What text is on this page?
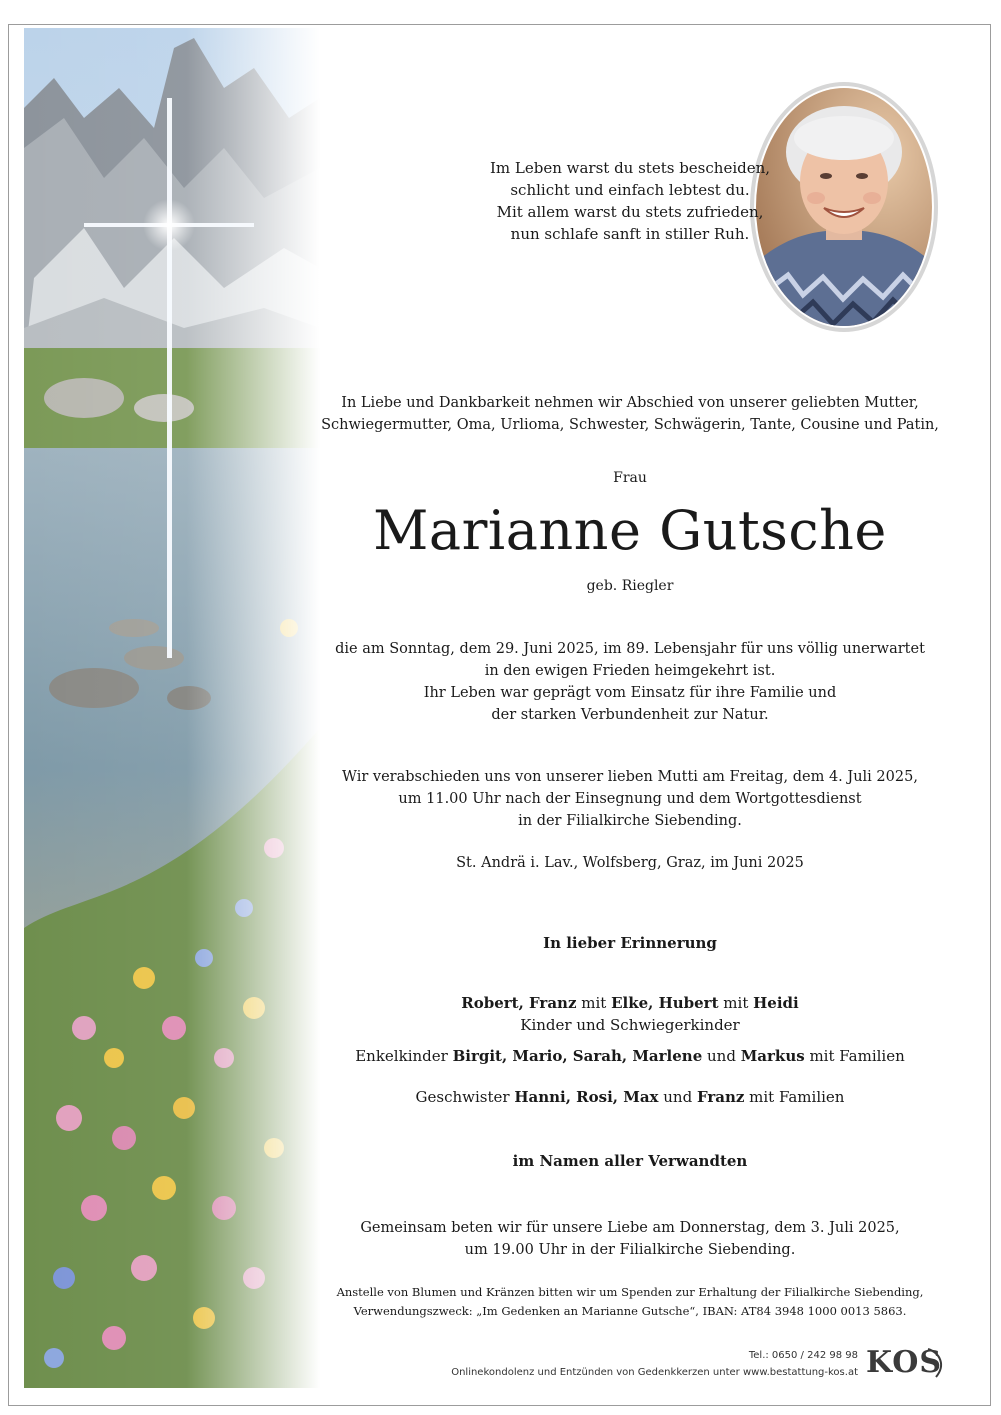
Im Leben warst du stets bescheiden,
schlicht und einfach lebtest du.
Mit allem warst du stets zufrieden,
nun schlafe sanft in stiller Ruh.
In Liebe und Dankbarkeit nehmen wir Abschied von unserer geliebten Mutter,
Schwiegermutter, Oma, Urlioma, Schwester, Schwägerin, Tante, Cousine und Patin,
Frau
Marianne Gutsche
geb. Riegler
die am Sonntag, dem 29. Juni 2025, im 89. Lebensjahr für uns völlig unerwartet
in den ewigen Frieden heimgekehrt ist.
Ihr Leben war geprägt vom Einsatz für ihre Familie und
der starken Verbundenheit zur Natur.
Wir verabschieden uns von unserer lieben Mutti am Freitag, dem 4. Juli 2025,
um 11.00 Uhr nach der Einsegnung und dem Wortgottesdienst
in der Filialkirche Siebending.
St. Andrä i. Lav., Wolfsberg, Graz, im Juni 2025
In lieber Erinnerung
Robert, Franz mit Elke, Hubert mit Heidi
Kinder und Schwiegerkinder
Enkelkinder Birgit, Mario, Sarah, Marlene und Markus mit Familien
Geschwister Hanni, Rosi, Max und Franz mit Familien
im Namen aller Verwandten
Gemeinsam beten wir für unsere Liebe am Donnerstag, dem 3. Juli 2025,
um 19.00 Uhr in der Filialkirche Siebending.
Anstelle von Blumen und Kränzen bitten wir um Spenden zur Erhaltung der Filialkirche Siebending,
Verwendungszweck: „Im Gedenken an Marianne Gutsche“, IBAN: AT84 3948 1000 0013 5863.
Tel.: 0650 / 242 98 98
Onlinekondolenz und Entzünden von Gedenkkerzen unter www.bestattung-kos.at KOS
